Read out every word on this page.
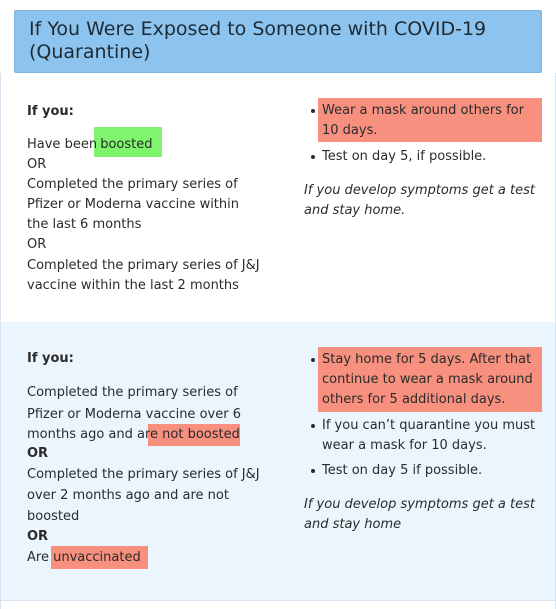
If You Were Exposed to Someone with COVID-19
(Quarantine)
If you:
Have been boosted
OR
Completed the primary series of
Pfizer or Moderna vaccine within
the last 6 months
OR
Completed the primary series of J&J
vaccine within the last 2 months
Wear a mask around others for
10 days.
Test on day 5, if possible.
If you develop symptoms get a test
and stay home.
If you:
Completed the primary series of
Pfizer or Moderna vaccine over 6
months ago and are not boosted
OR
Completed the primary series of J&J
over 2 months ago and are not
boosted
OR
Are unvaccinated
Stay home for 5 days. After that
continue to wear a mask around
others for 5 additional days.
If you can’t quarantine you must
wear a mask for 10 days.
Test on day 5 if possible.
If you develop symptoms get a test
and stay home
